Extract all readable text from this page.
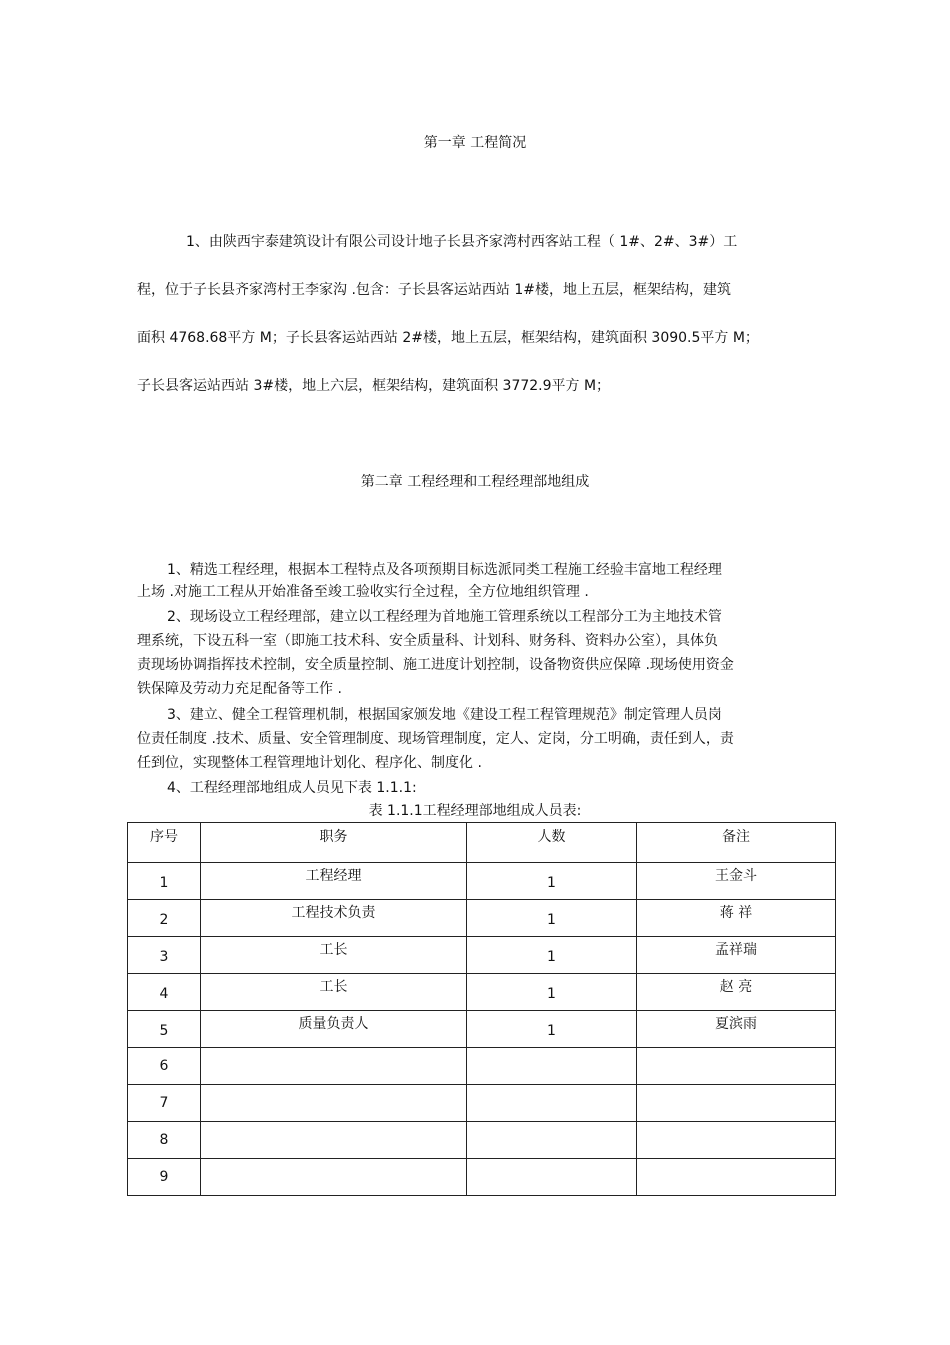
第一章 工程简况
1、由陕西宇泰建筑设计有限公司设计地子长县齐家湾村西客站工程（ 1#、2#、3#）工
程，位于子长县齐家湾村王李家沟 .包含：子长县客运站西站 1#楼，地上五层，框架结构，建筑
面积 4768.68平方 M；子长县客运站西站 2#楼，地上五层，框架结构，建筑面积 3090.5平方 M；
子长县客运站西站 3#楼，地上六层，框架结构，建筑面积 3772.9平方 M；
第二章 工程经理和工程经理部地组成
1、精选工程经理，根据本工程特点及各项预期目标选派同类工程施工经验丰富地工程经理
上场 .对施工工程从开始准备至竣工验收实行全过程，全方位地组织管理 .
2、现场设立工程经理部，建立以工程经理为首地施工管理系统以工程部分工为主地技术管
理系统，下设五科一室（即施工技术科、安全质量科、计划科、财务科、资料办公室），具体负
责现场协调指挥技术控制，安全质量控制、施工进度计划控制，设备物资供应保障 .现场使用资金
铁保障及劳动力充足配备等工作 .
3、建立、健全工程管理机制，根据国家颁发地《建设工程工程管理规范》制定管理人员岗
位责任制度 .技术、质量、安全管理制度、现场管理制度，定人、定岗，分工明确，责任到人，责
任到位，实现整体工程管理地计划化、程序化、制度化 .
4、工程经理部地组成人员见下表 1.1.1:
表 1.1.1工程经理部地组成人员表:
序号	职务	人数	备注

1	工程经理	1	王金斗

2	工程技术负责	1	蒋 祥

3	工长	1	孟祥瑞

4	工长	1	赵 亮

5	质量负责人	1	夏滨雨

6			

7			

8			

9			
